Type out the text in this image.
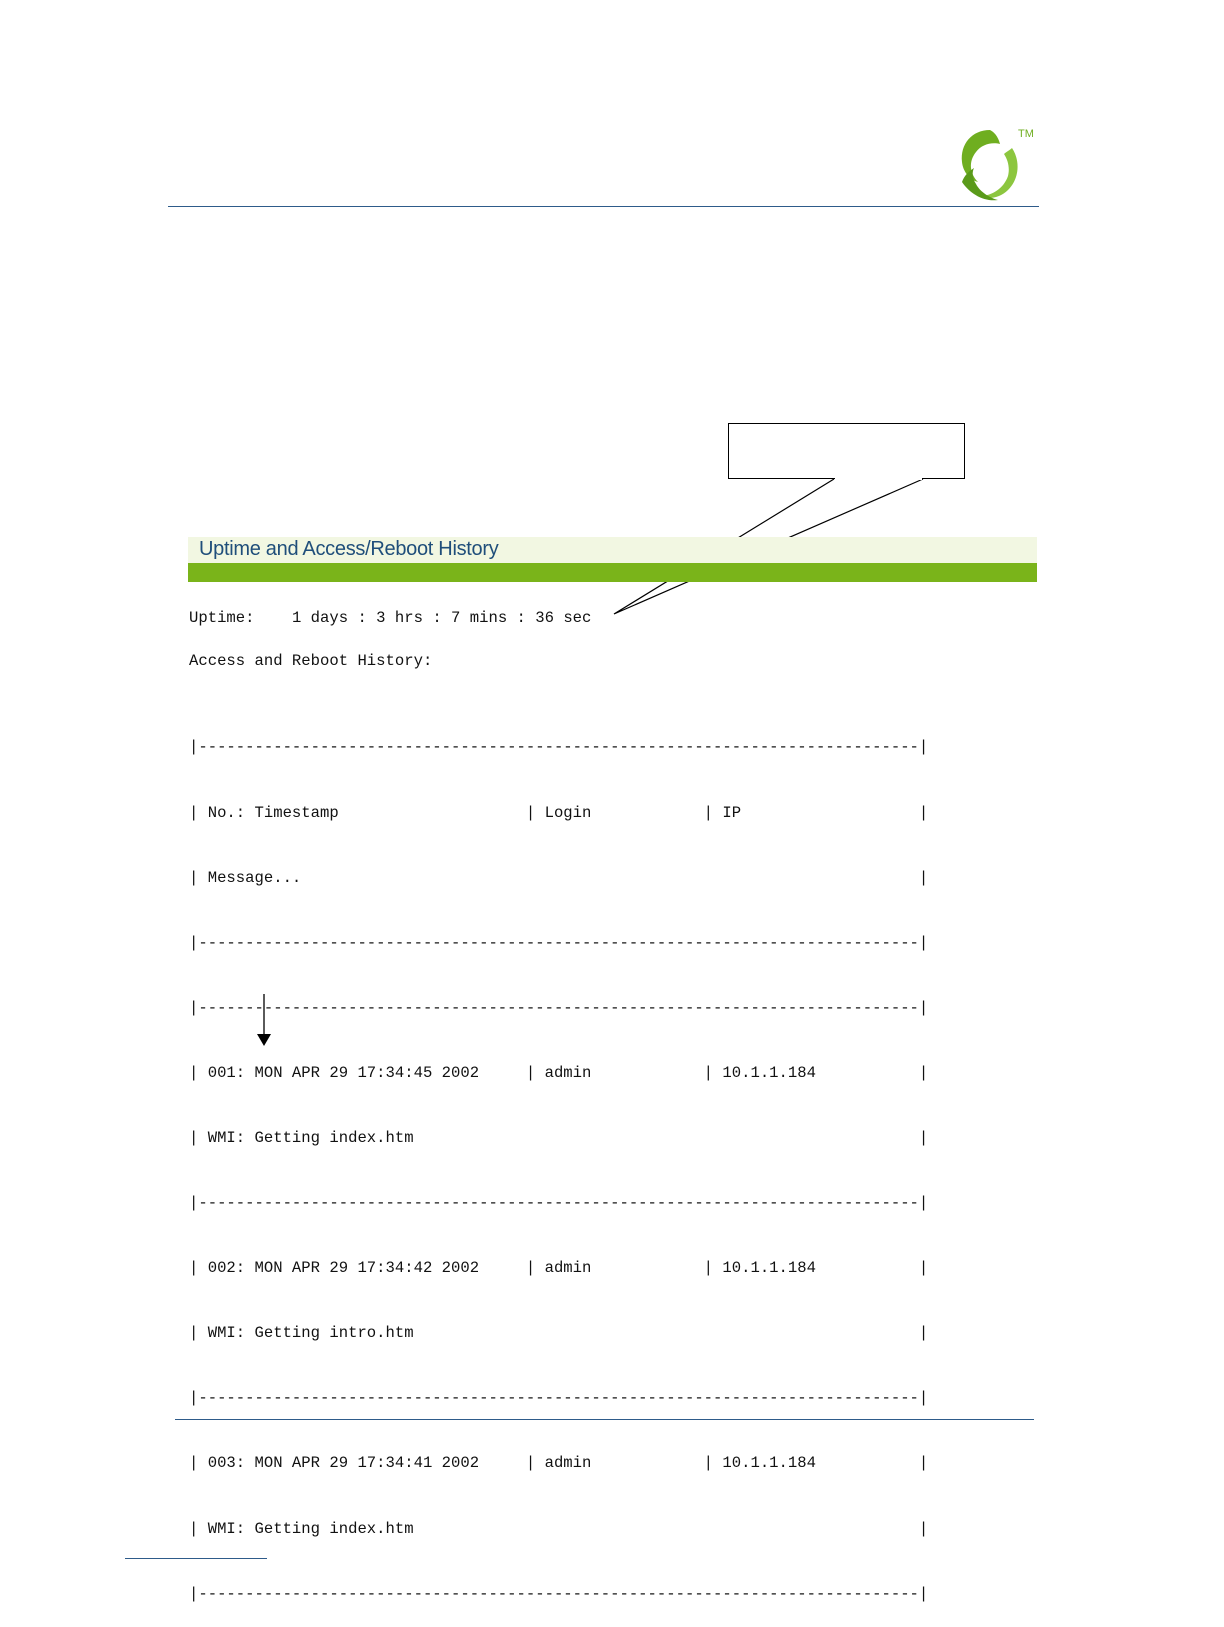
TM
Uptime and Access/Reboot History
Uptime: 1 days : 3 hrs : 7 mins : 36 sec
Access and Reboot History:

|-----------------------------------------------------------------------------|

| No.: Timestamp                    | Login            | IP                   |

| Message...                                                                  |

|-----------------------------------------------------------------------------|

|-----------------------------------------------------------------------------|

| 001: MON APR 29 17:34:45 2002     | admin            | 10.1.1.184           |

| WMI: Getting index.htm                                                      |

|-----------------------------------------------------------------------------|

| 002: MON APR 29 17:34:42 2002     | admin            | 10.1.1.184           |

| WMI: Getting intro.htm                                                      |

|-----------------------------------------------------------------------------|

| 003: MON APR 29 17:34:41 2002     | admin            | 10.1.1.184           |

| WMI: Getting index.htm                                                      |

|-----------------------------------------------------------------------------|
